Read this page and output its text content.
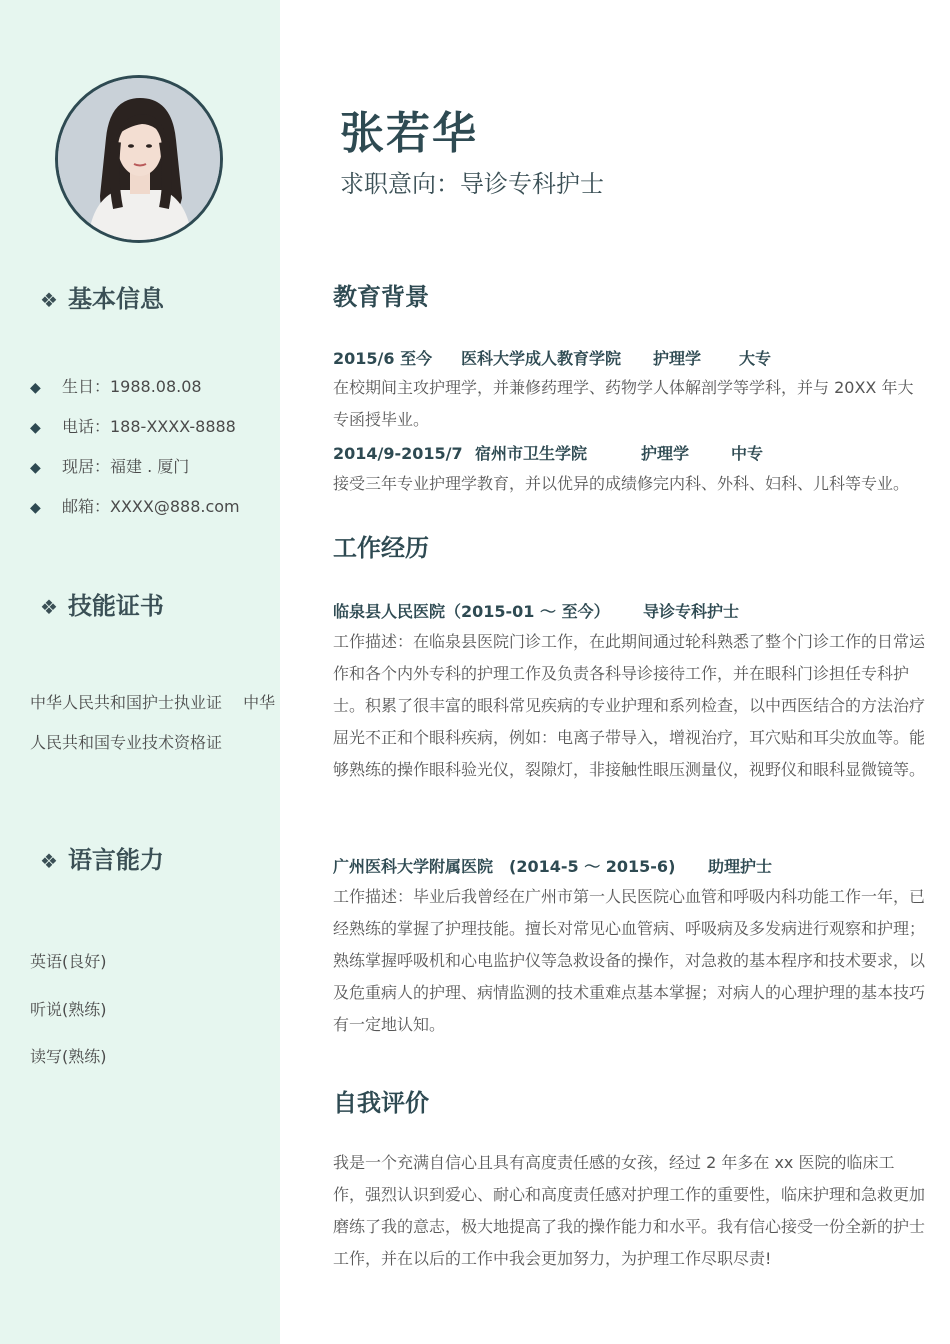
❖ 基本信息
◆ 生日：1988.08.08
◆ 电话：188-XXXX-8888
◆ 现居：福建 . 厦门
◆ 邮箱：XXXX@888.com
❖ 技能证书
中华人民共和国护士执业证　 中华人民共和国专业技术资格证
❖ 语言能力
英语(良好)
听说(熟练)
读写(熟练)
张若华
求职意向：导诊专科护士
教育背景
2015/6 至今 医科大学成人教育学院 护理学 大专
在校期间主攻护理学，并兼修药理学、药物学人体解剖学等学科，并与 20XX 年大专函授毕业。
2014/9-2015/7 宿州市卫生学院	护理学	中专
接受三年专业护理学教育，并以优异的成绩修完内科、外科、妇科、儿科等专业。
工作经历
临泉县人民医院（2015-01 ～ 至今） 导诊专科护士
工作描述：在临泉县医院门诊工作，在此期间通过轮科熟悉了整个门诊工作的日常运作和各个内外专科的护理工作及负责各科导诊接待工作，并在眼科门诊担任专科护士。积累了很丰富的眼科常见疾病的专业护理和系列检查，以中西医结合的方法治疗屈光不正和个眼科疾病，例如：电离子带导入，增视治疗，耳穴贴和耳尖放血等。能够熟练的操作眼科验光仪，裂隙灯，非接触性眼压测量仪，视野仪和眼科显微镜等。
广州医科大学附属医院　(2014-5 ～ 2015-6) 助理护士
工作描述：毕业后我曾经在广州市第一人民医院心血管和呼吸内科功能工作一年，已经熟练的掌握了护理技能。擅长对常见心血管病、呼吸病及多发病进行观察和护理； 熟练掌握呼吸机和心电监护仪等急救设备的操作，对急救的基本程序和技术要求，以及危重病人的护理、病情监测的技术重难点基本掌握；对病人的心理护理的基本技巧有一定地认知。
自我评价
我是一个充满自信心且具有高度责任感的女孩，经过 2 年多在 xx 医院的临床工作，强烈认识到爱心、耐心和高度责任感对护理工作的重要性，临床护理和急救更加磨练了我的意志，极大地提高了我的操作能力和水平。我有信心接受一份全新的护士工作，并在以后的工作中我会更加努力，为护理工作尽职尽责!
